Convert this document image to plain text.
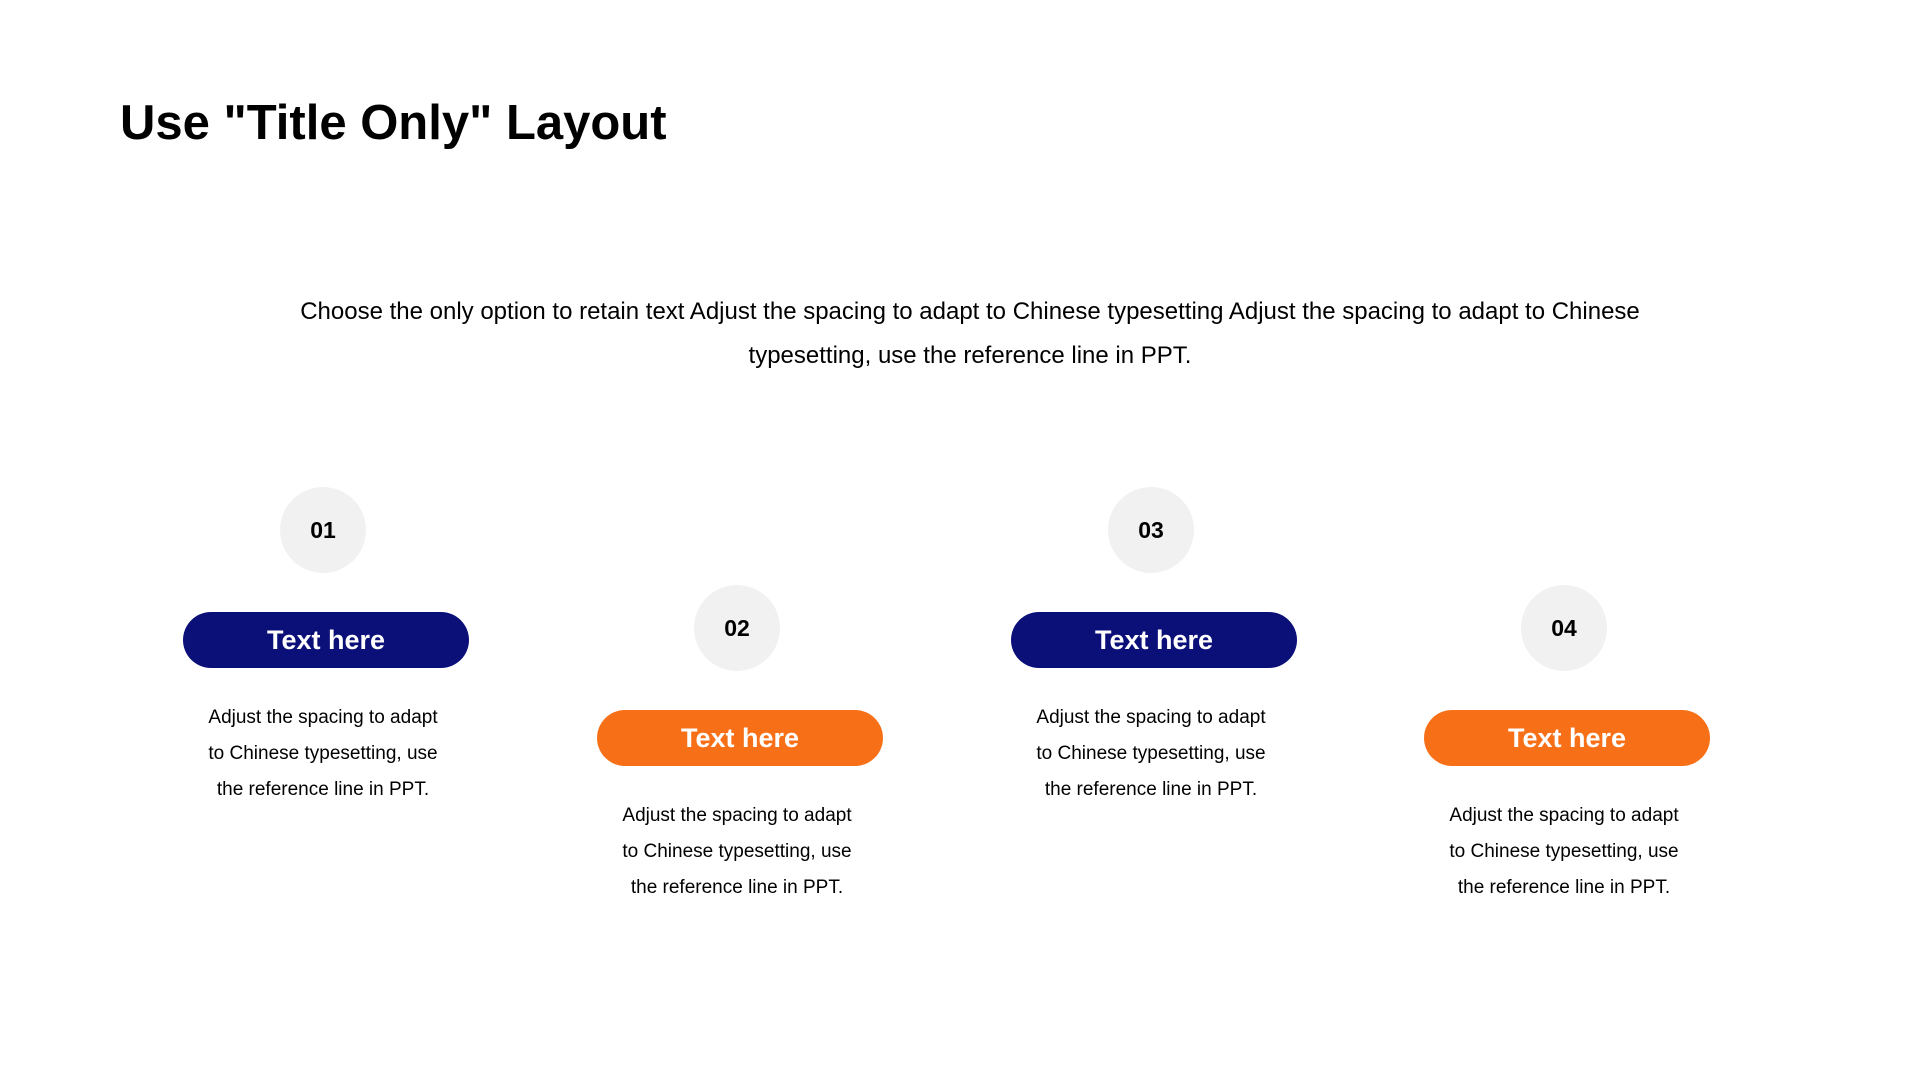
Use "Title Only" Layout
Choose the only option to retain text Adjust the spacing to adapt to Chinese typesetting Adjust the spacing to adapt to Chinese typesetting, use the reference line in PPT.
01
Text here
Adjust the spacing to adapt
to Chinese typesetting, use
the reference line in PPT.
02
Text here
Adjust the spacing to adapt
to Chinese typesetting, use
the reference line in PPT.
03
Text here
Adjust the spacing to adapt
to Chinese typesetting, use
the reference line in PPT.
04
Text here
Adjust the spacing to adapt
to Chinese typesetting, use
the reference line in PPT.
